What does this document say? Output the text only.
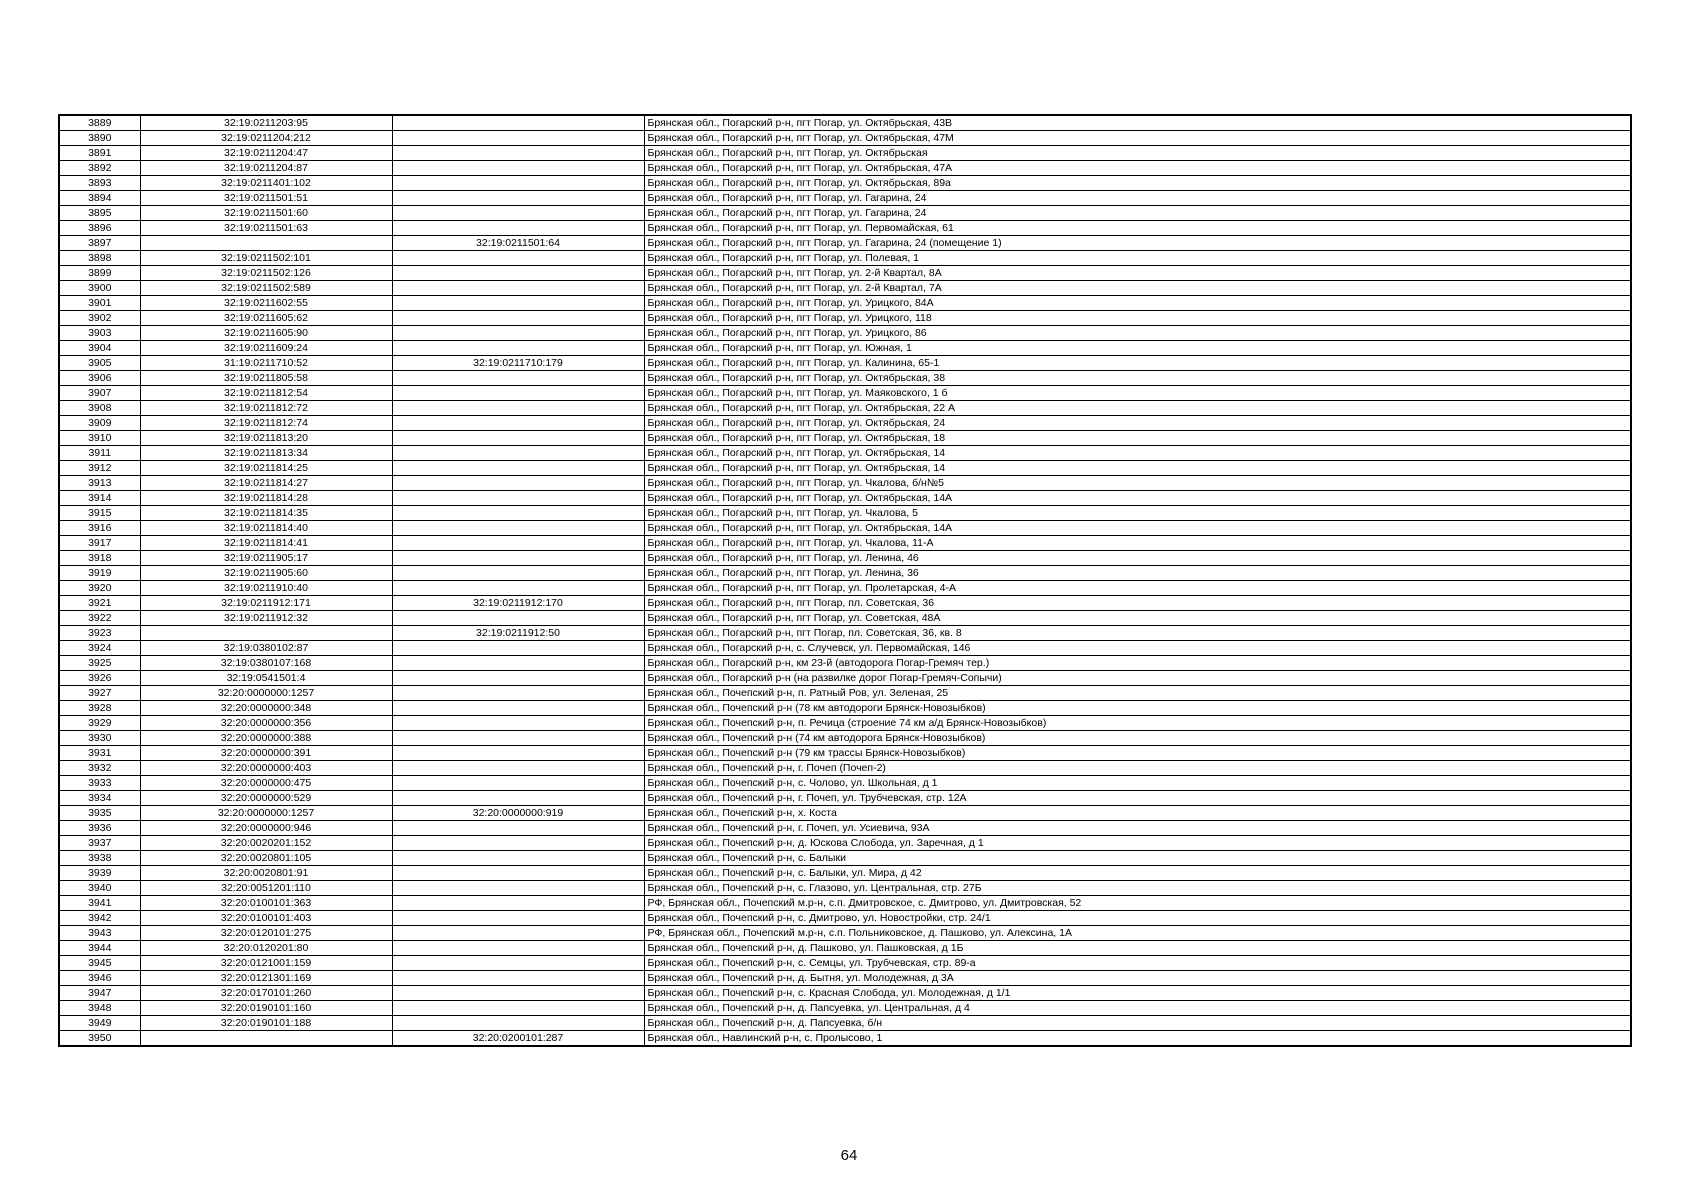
3889	32:19:0211203:95		Брянская обл., Погарский р-н, пгт Погар, ул. Октябрьская, 43В
3890	32:19:0211204:212		Брянская обл., Погарский р-н, пгт Погар, ул. Октябрьская, 47М
3891	32:19:0211204:47		Брянская обл., Погарский р-н, пгт Погар, ул. Октябрьская
3892	32:19:0211204:87		Брянская обл., Погарский р-н, пгт Погар, ул. Октябрьская, 47А
3893	32:19:0211401:102		Брянская обл., Погарский р-н, пгт Погар, ул. Октябрьская, 89а
3894	32:19:0211501:51		Брянская обл., Погарский р-н, пгт Погар, ул. Гагарина, 24
3895	32:19:0211501:60		Брянская обл., Погарский р-н, пгт Погар, ул. Гагарина, 24
3896	32:19:0211501:63		Брянская обл., Погарский р-н, пгт Погар, ул. Первомайская, 61
3897		32:19:0211501:64	Брянская обл., Погарский р-н, пгт Погар, ул. Гагарина, 24 (помещение 1)
3898	32:19:0211502:101		Брянская обл., Погарский р-н, пгт Погар, ул. Полевая, 1
3899	32:19:0211502:126		Брянская обл., Погарский р-н, пгт Погар, ул. 2-й Квартал, 8А
3900	32:19:0211502:589		Брянская обл., Погарский р-н, пгт Погар, ул. 2-й Квартал, 7А
3901	32:19:0211602:55		Брянская обл., Погарский р-н, пгт Погар, ул. Урицкого, 84А
3902	32:19:0211605:62		Брянская обл., Погарский р-н, пгт Погар, ул. Урицкого, 118
3903	32:19:0211605:90		Брянская обл., Погарский р-н, пгт Погар, ул. Урицкого, 86
3904	32:19:0211609:24		Брянская обл., Погарский р-н, пгт Погар, ул. Южная, 1
3905	31:19:0211710:52	32:19:0211710:179	Брянская обл., Погарский р-н, пгт Погар, ул. Калинина, 65-1
3906	32:19:0211805:58		Брянская обл., Погарский р-н, пгт Погар, ул. Октябрьская, 38
3907	32:19:0211812:54		Брянская обл., Погарский р-н, пгт Погар, ул. Маяковского, 1 б
3908	32:19:0211812:72		Брянская обл., Погарский р-н, пгт Погар, ул. Октябрьская, 22 А
3909	32:19:0211812:74		Брянская обл., Погарский р-н, пгт Погар, ул. Октябрьская, 24
3910	32:19:0211813:20		Брянская обл., Погарский р-н, пгт Погар, ул. Октябрьская, 18
3911	32:19:0211813:34		Брянская обл., Погарский р-н, пгт Погар, ул. Октябрьская, 14
3912	32:19:0211814:25		Брянская обл., Погарский р-н, пгт Погар, ул. Октябрьская, 14
3913	32:19:0211814:27		Брянская обл., Погарский р-н, пгт Погар, ул. Чкалова, б/н№5
3914	32:19:0211814:28		Брянская обл., Погарский р-н, пгт Погар, ул. Октябрьская, 14А
3915	32:19:0211814:35		Брянская обл., Погарский р-н, пгт Погар, ул. Чкалова, 5
3916	32:19:0211814:40		Брянская обл., Погарский р-н, пгт Погар, ул. Октябрьская, 14А
3917	32:19:0211814:41		Брянская обл., Погарский р-н, пгт Погар, ул. Чкалова, 11-А
3918	32:19:0211905:17		Брянская обл., Погарский р-н, пгт Погар, ул. Ленина, 46
3919	32:19:0211905:60		Брянская обл., Погарский р-н, пгт Погар, ул. Ленина, 36
3920	32:19:0211910:40		Брянская обл., Погарский р-н, пгт Погар, ул. Пролетарская, 4-А
3921	32:19:0211912:171	32:19:0211912:170	Брянская обл., Погарский р-н, пгт Погар, пл. Советская, 36
3922	32:19:0211912:32		Брянская обл., Погарский р-н, пгт Погар, ул. Советская, 48А
3923		32:19:0211912:50	Брянская обл., Погарский р-н, пгт Погар, пл. Советская, 36, кв. 8
3924	32:19:0380102:87		Брянская обл., Погарский р-н, с. Случевск, ул. Первомайская, 146
3925	32:19:0380107:168		Брянская обл., Погарский р-н, км 23-й (автодорога Погар-Гремяч тер.)
3926	32:19:0541501:4		Брянская обл., Погарский р-н (на развилке дорог Погар-Гремяч-Сопычи)
3927	32:20:0000000:1257		Брянская обл., Почепский р-н, п. Ратный Ров, ул. Зеленая, 25
3928	32:20:0000000:348		Брянская обл., Почепский р-н (78 км автодороги Брянск-Новозыбков)
3929	32:20:0000000:356		Брянская обл., Почепский р-н, п. Речица (строение 74 км а/д Брянск-Новозыбков)
3930	32:20:0000000:388		Брянская обл., Почепский р-н (74 км автодорога Брянск-Новозыбков)
3931	32:20:0000000:391		Брянская обл., Почепский р-н (79 км трассы Брянск-Новозыбков)
3932	32:20:0000000:403		Брянская обл., Почепский р-н, г. Почеп (Почеп-2)
3933	32:20:0000000:475		Брянская обл., Почепский р-н, с. Чолово, ул. Школьная, д 1
3934	32:20:0000000:529		Брянская обл., Почепский р-н, г. Почеп, ул. Трубчевская, стр. 12А
3935	32:20:0000000:1257	32:20:0000000:919	Брянская обл., Почепский р-н, х. Коста
3936	32:20:0000000:946		Брянская обл., Почепский р-н, г. Почеп, ул. Усиевича, 93А
3937	32:20:0020201:152		Брянская обл., Почепский р-н, д. Юскова Слобода, ул. Заречная, д 1
3938	32:20:0020801:105		Брянская обл., Почепский р-н, с. Балыки
3939	32:20:0020801:91		Брянская обл., Почепский р-н, с. Балыки, ул. Мира, д 42
3940	32:20:0051201:110		Брянская обл., Почепский р-н, с. Глазово, ул. Центральная, стр. 27Б
3941	32:20:0100101:363		РФ, Брянская обл., Почепский м.р-н, с.п. Дмитровское, с. Дмитрово, ул. Дмитровская, 52
3942	32:20:0100101:403		Брянская обл., Почепский р-н, с. Дмитрово, ул. Новостройки, стр. 24/1
3943	32:20:0120101:275		РФ, Брянская обл., Почепский м.р-н, с.п. Польниковское, д. Пашково, ул. Алексина, 1А
3944	32:20:0120201:80		Брянская обл., Почепский р-н, д. Пашково, ул. Пашковская, д 1Б
3945	32:20:0121001:159		Брянская обл., Почепский р-н, с. Семцы, ул. Трубчевская, стр. 89-а
3946	32:20:0121301:169		Брянская обл., Почепский р-н, д. Бытня, ул. Молодежная, д 3А
3947	32:20:0170101:260		Брянская обл., Почепский р-н, с. Красная Слобода, ул. Молодежная, д 1/1
3948	32:20:0190101:160		Брянская обл., Почепский р-н, д. Папсуевка, ул. Центральная, д 4
3949	32:20:0190101:188		Брянская обл., Почепский р-н, д. Папсуевка, б/н
3950		32:20:0200101:287	Брянская обл., Навлинский р-н, с. Пролысово, 1
64
